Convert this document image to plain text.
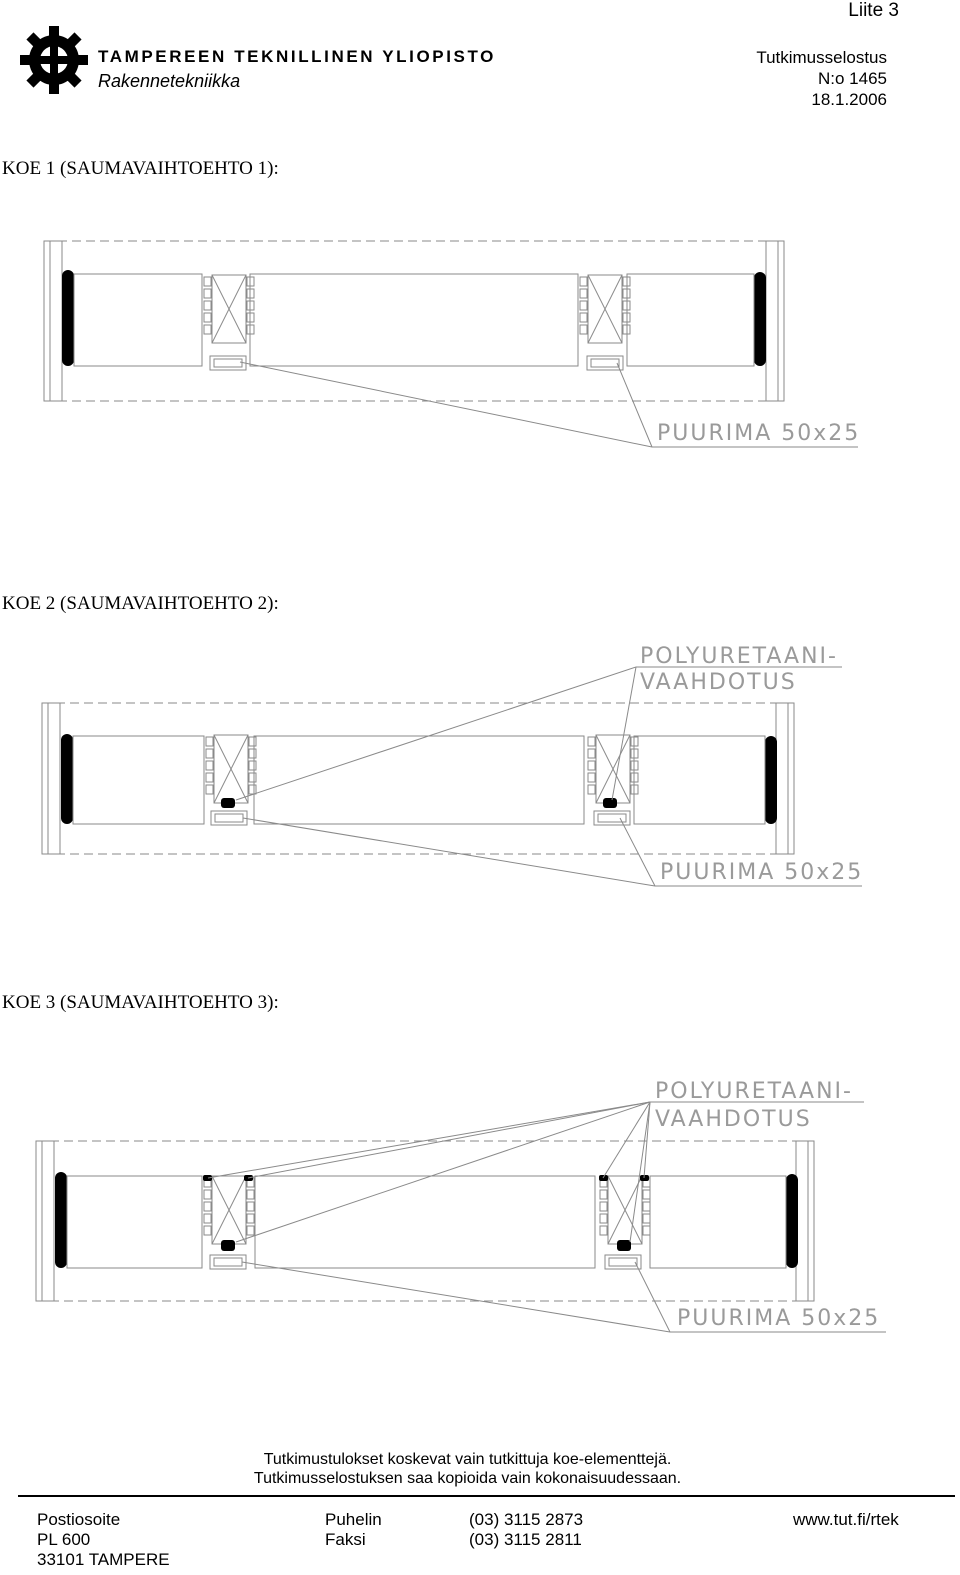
Liite 3
TAMPEREEN TEKNILLINEN YLIOPISTO
Rakennetekniikka
Tutkimusselostus
N:o 1465
18.1.2006
KOE 1 (SAUMAVAIHTOEHTO 1):
KOE 2 (SAUMAVAIHTOEHTO 2):
KOE 3 (SAUMAVAIHTOEHTO 3):
PUURIMA 50x25
POLYURETAANI-
VAAHDOTUS
PUURIMA 50x25
POLYURETAANI-
VAAHDOTUS
PUURIMA 50x25
Tutkimustulokset koskevat vain tutkittuja koe-elementtejä.
Tutkimusselostuksen saa kopioida vain kokonaisuudessaan.
Postiosoite
PL 600
33101 TAMPERE
Puhelin
Faksi
(03) 3115 2873
(03) 3115 2811
www.tut.fi/rtek
